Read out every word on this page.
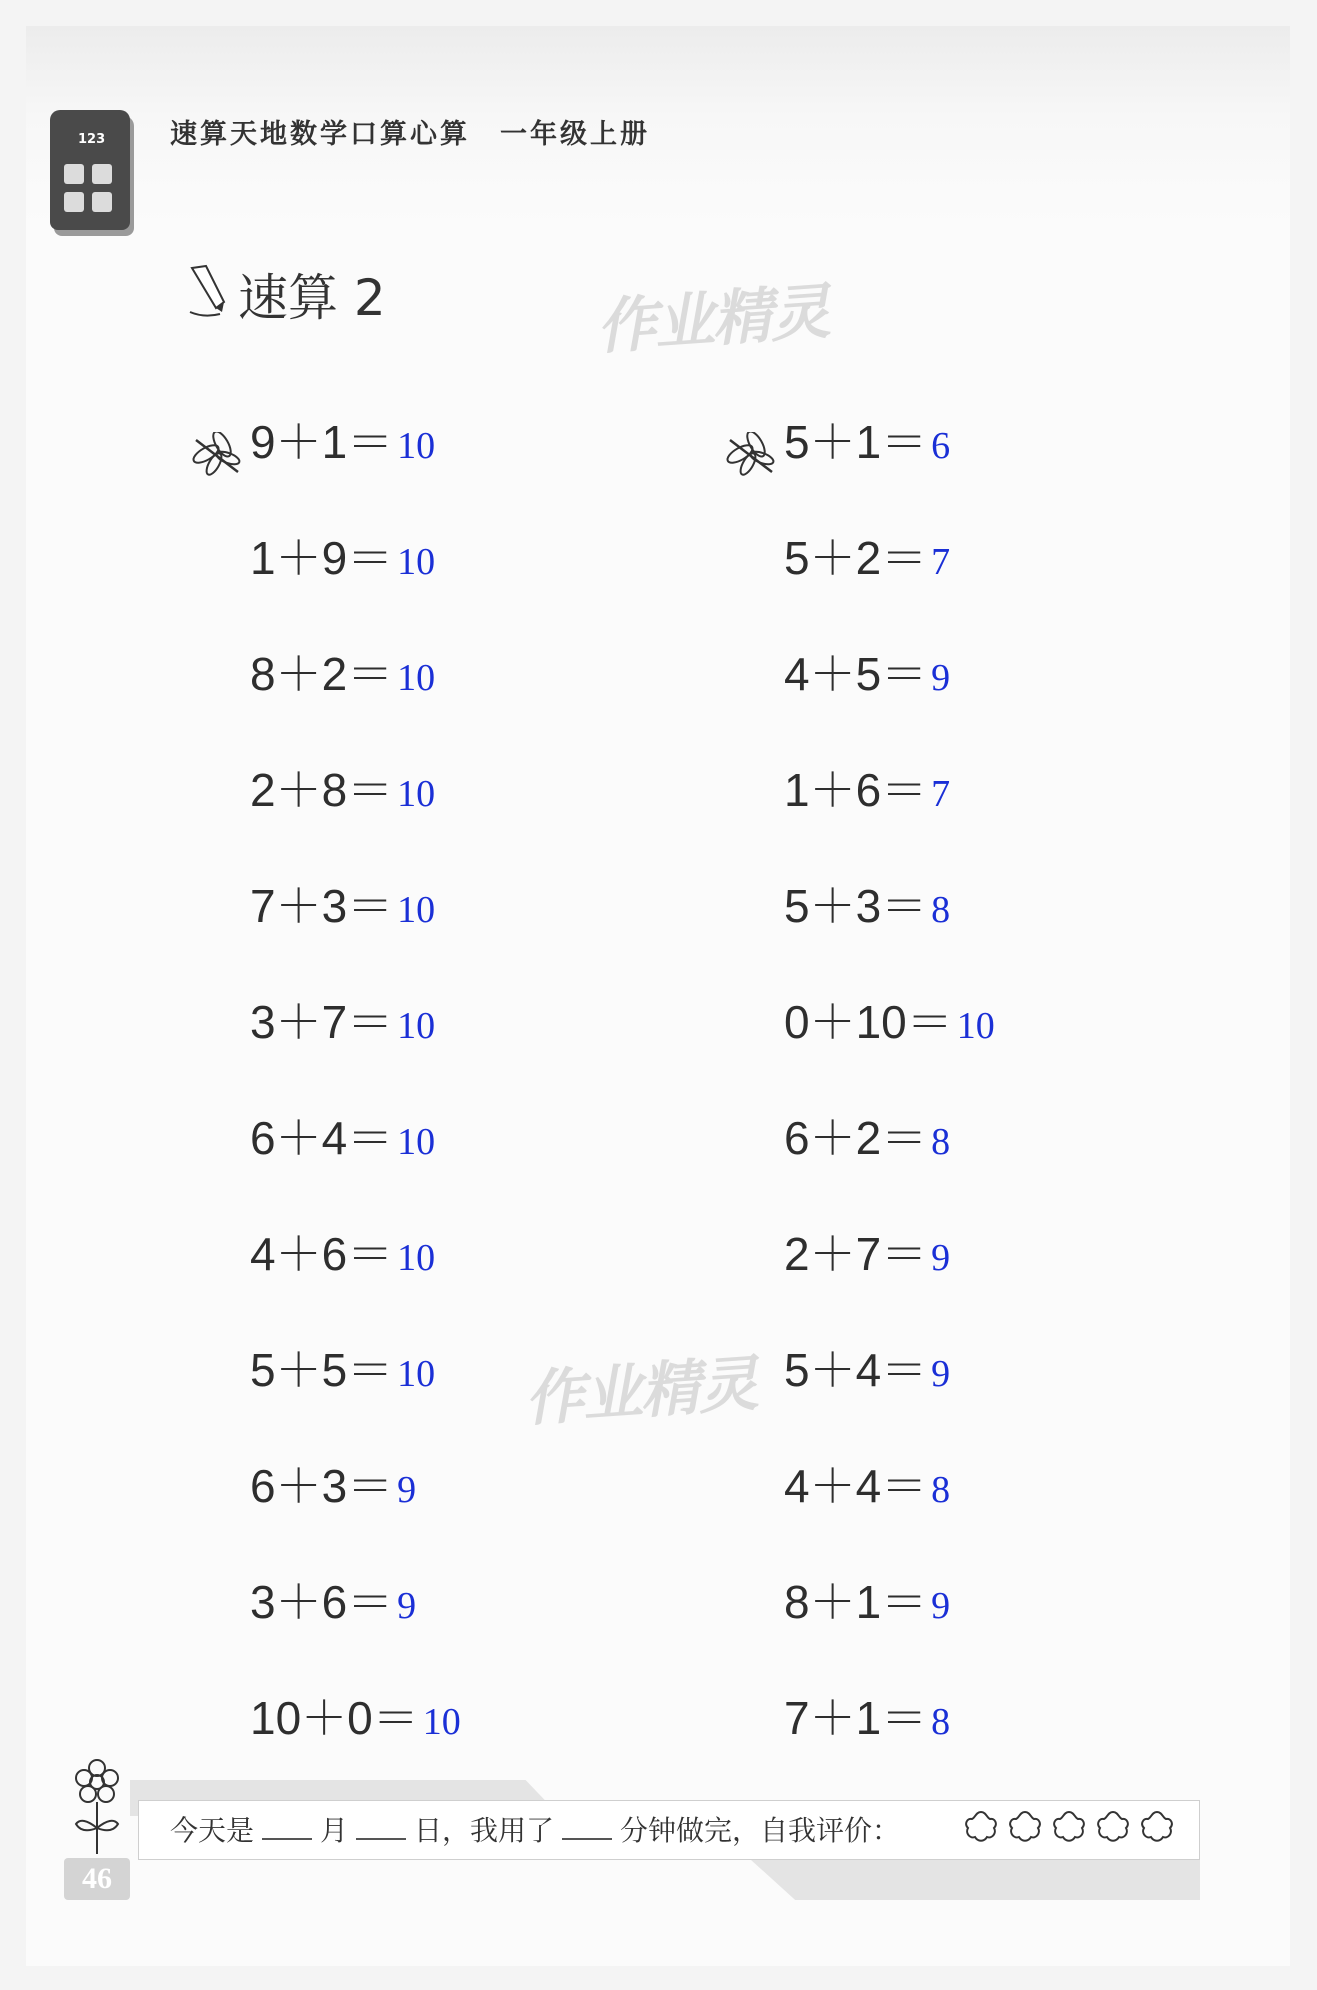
123 速算天地数学口算心算　一年级上册
速算 2	作业精灵
作业精灵
9＋1＝ 10
1＋9＝ 10
8＋2＝ 10
2＋8＝ 10
7＋3＝ 10
3＋7＝ 10
6＋4＝ 10
4＋6＝ 10
5＋5＝ 10
6＋3＝ 9
3＋6＝ 9
10＋0＝ 10
5＋1＝ 6
5＋2＝ 7
4＋5＝ 9
1＋6＝ 7
5＋3＝ 8
0＋10＝ 10
6＋2＝ 8
2＋7＝ 9
5＋4＝ 9
4＋4＝ 8
8＋1＝ 9
7＋1＝ 8
今天是 月 日，我用了 分钟做完，自我评价：

46
